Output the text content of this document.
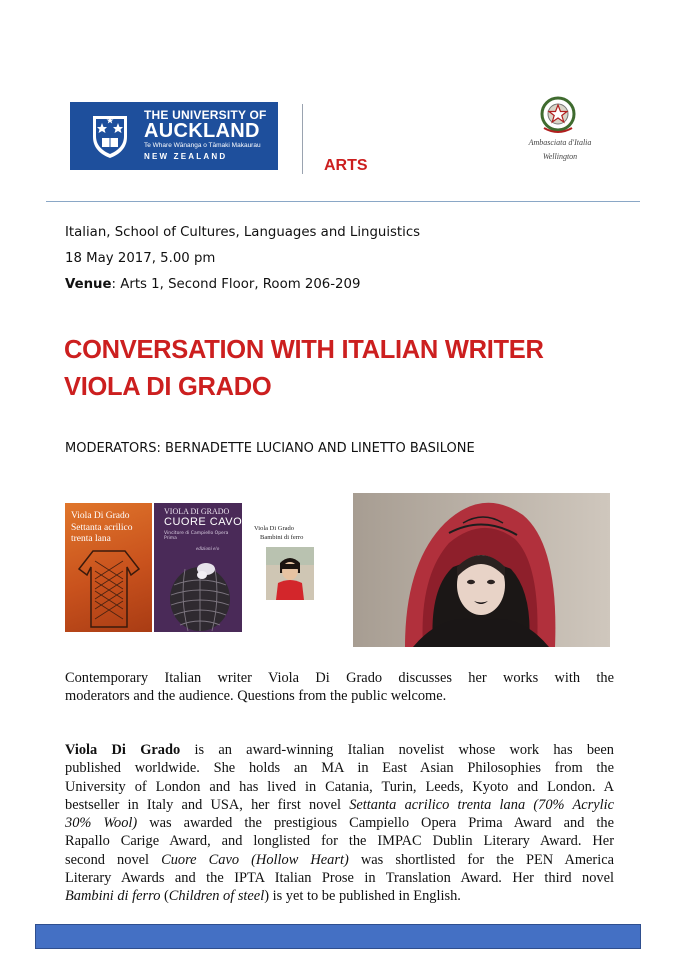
THE UNIVERSITY OF
AUCKLAND
Te Whare Wānanga o Tāmaki Makaurau
NEW ZEALAND
ARTS
Ambasciata d'Italia
Wellington
Italian, School of Cultures, Languages and Linguistics
18 May 2017, 5.00 pm
Venue: Arts 1, Second Floor, Room 206-209
CONVERSATION WITH ITALIAN WRITER
VIOLA DI GRADO
MODERATORS: BERNADETTE LUCIANO AND LINETTO BASILONE
Viola Di Grado
Settanta acrilico trenta lana
VIOLA DI GRADO
CUORE CAVO
Vincitore di Campiello Opera Prima
edizioni e/o
Viola Di Grado
Bambini di ferro
Contemporary Italian writer Viola Di Grado discusses her works with the
moderators and the audience. Questions from the public welcome.
Viola Di Grado is an award-winning Italian novelist whose work has been
published worldwide. She holds an MA in East Asian Philosophies from the
University of London and has lived in Catania, Turin, Leeds, Kyoto and London. A
bestseller in Italy and USA, her first novel Settanta acrilico trenta lana (70% Acrylic
30% Wool) was awarded the prestigious Campiello Opera Prima Award and the
Rapallo Carige Award, and longlisted for the IMPAC Dublin Literary Award. Her
second novel Cuore Cavo (Hollow Heart) was shortlisted for the PEN America
Literary Awards and the IPTA Italian Prose in Translation Award. Her third novel
Bambini di ferro (Children of steel) is yet to be published in English.
